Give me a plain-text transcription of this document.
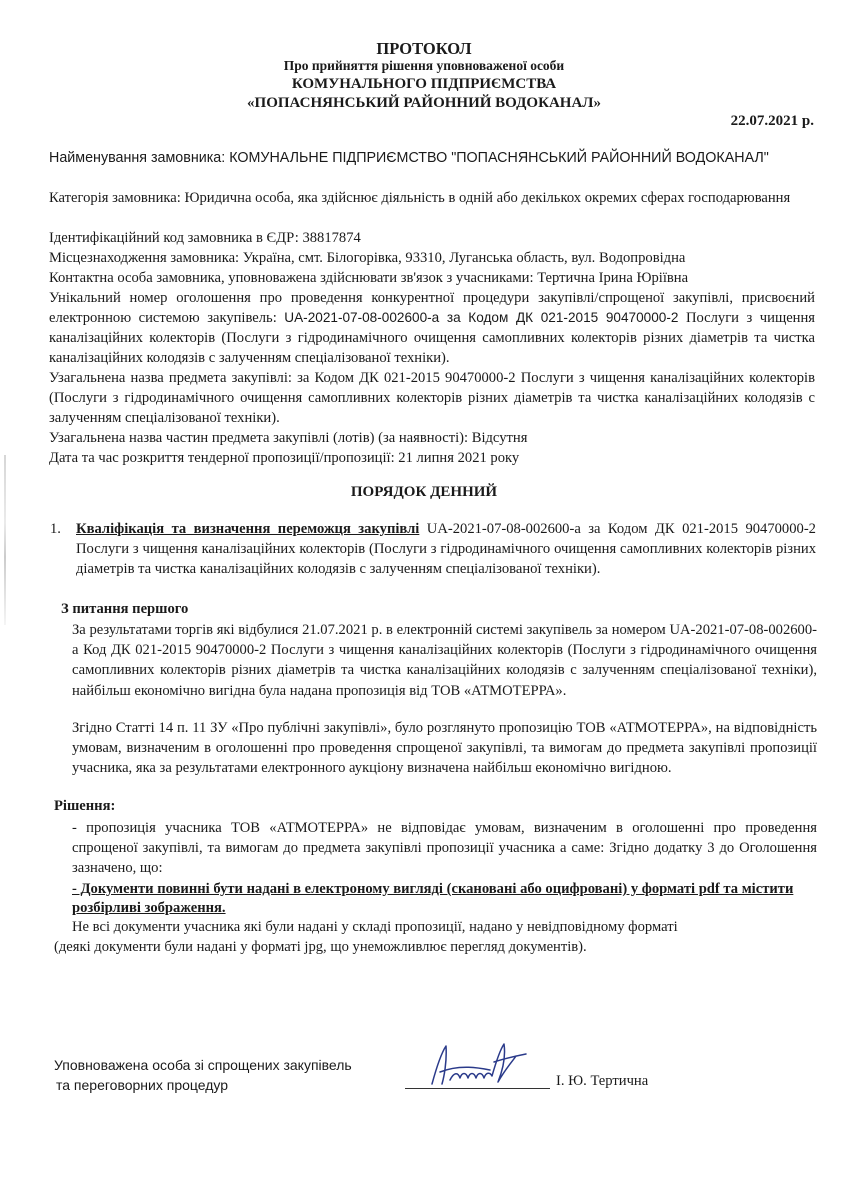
ПРОТОКОЛ
Про прийняття рішення уповноваженої особи
КОМУНАЛЬНОГО ПІДПРИЄМСТВА
«ПОПАСНЯНСЬКИЙ РАЙОННИЙ ВОДОКАНАЛ»
22.07.2021 р.
Найменування замовника: КОМУНАЛЬНЕ ПІДПРИЄМСТВО "ПОПАСНЯНСЬКИЙ РАЙОННИЙ ВОДОКАНАЛ"
Категорія замовника: Юридична особа, яка здійснює діяльність в одній або декількох окремих сферах господарювання
Ідентифікаційний код замовника в ЄДР: 38817874
Місцезнаходження замовника: Україна, смт. Білогорівка, 93310, Луганська область, вул. Водопровідна
Контактна особа замовника, уповноважена здійснювати зв'язок з учасниками: Тертична Ірина Юріївна
Унікальний номер оголошення про проведення конкурентної процедури закупівлі/спрощеної закупівлі, присвоєний електронною системою закупівель: UA-2021-07-08-002600-a за Кодом ДК 021-2015 90470000-2 Послуги з чищення каналізаційних колекторів (Послуги з гідродинамічного очищення самопливних колекторів різних діаметрів та чистка каналізаційних колодязів с залученням спеціалізованої техніки).
Узагальнена назва предмета закупівлі: за Кодом ДК 021-2015 90470000-2 Послуги з чищення каналізаційних колекторів (Послуги з гідродинамічного очищення самопливних колекторів різних діаметрів та чистка каналізаційних колодязів с залученням спеціалізованої техніки).
Узагальнена назва частин предмета закупівлі (лотів) (за наявності): Відсутня
Дата та час розкриття тендерної пропозиції/пропозиції: 21 липня 2021 року
ПОРЯДОК ДЕННИЙ
1. Кваліфікація та визначення переможця закупівлі UA-2021-07-08-002600-a за Кодом ДК 021-2015 90470000-2 Послуги з чищення каналізаційних колекторів (Послуги з гідродинамічного очищення самопливних колекторів різних діаметрів та чистка каналізаційних колодязів с залученням спеціалізованої техніки).
З питання першого
За результатами торгів які відбулися 21.07.2021 р. в електронній системі закупівель за номером UA-2021-07-08-002600-a Код ДК 021-2015 90470000-2 Послуги з чищення каналізаційних колекторів (Послуги з гідродинамічного очищення самопливних колекторів різних діаметрів та чистка каналізаційних колодязів с залученням спеціалізованої техніки), найбільш економічно вигідна була надана пропозиція від ТОВ «АТМОТЕРРА».
Згідно Статті 14 п. 11 ЗУ «Про публічні закупівлі», було розглянуто пропозицію ТОВ «АТМОТЕРРА», на відповідність умовам, визначеним в оголошенні про проведення спрощеної закупівлі, та вимогам до предмета закупівлі пропозиції учасника, яка за результатами електронного аукціону визначена найбільш економічно вигідною.
Рішення:
- пропозиція учасника ТОВ «АТМОТЕРРА» не відповідає умовам, визначеним в оголошенні про проведення спрощеної закупівлі, та вимогам до предмета закупівлі пропозиції учасника а саме: Згідно додатку 3 до Оголошення зазначено, що:
- Документи повинні бути надані в електроному вигляді (скановані або оцифровані) у форматі pdf та містити розбірливі зображення.
Не всі документи учасника які були надані у складі пропозиції, надано у невідповідному форматі
(деякі документи були надані у форматі jpg, що унеможливлює перегляд документів).
Уповноважена особа зі спрощених закупівель
та переговорних процедур	І. Ю. Тертична
